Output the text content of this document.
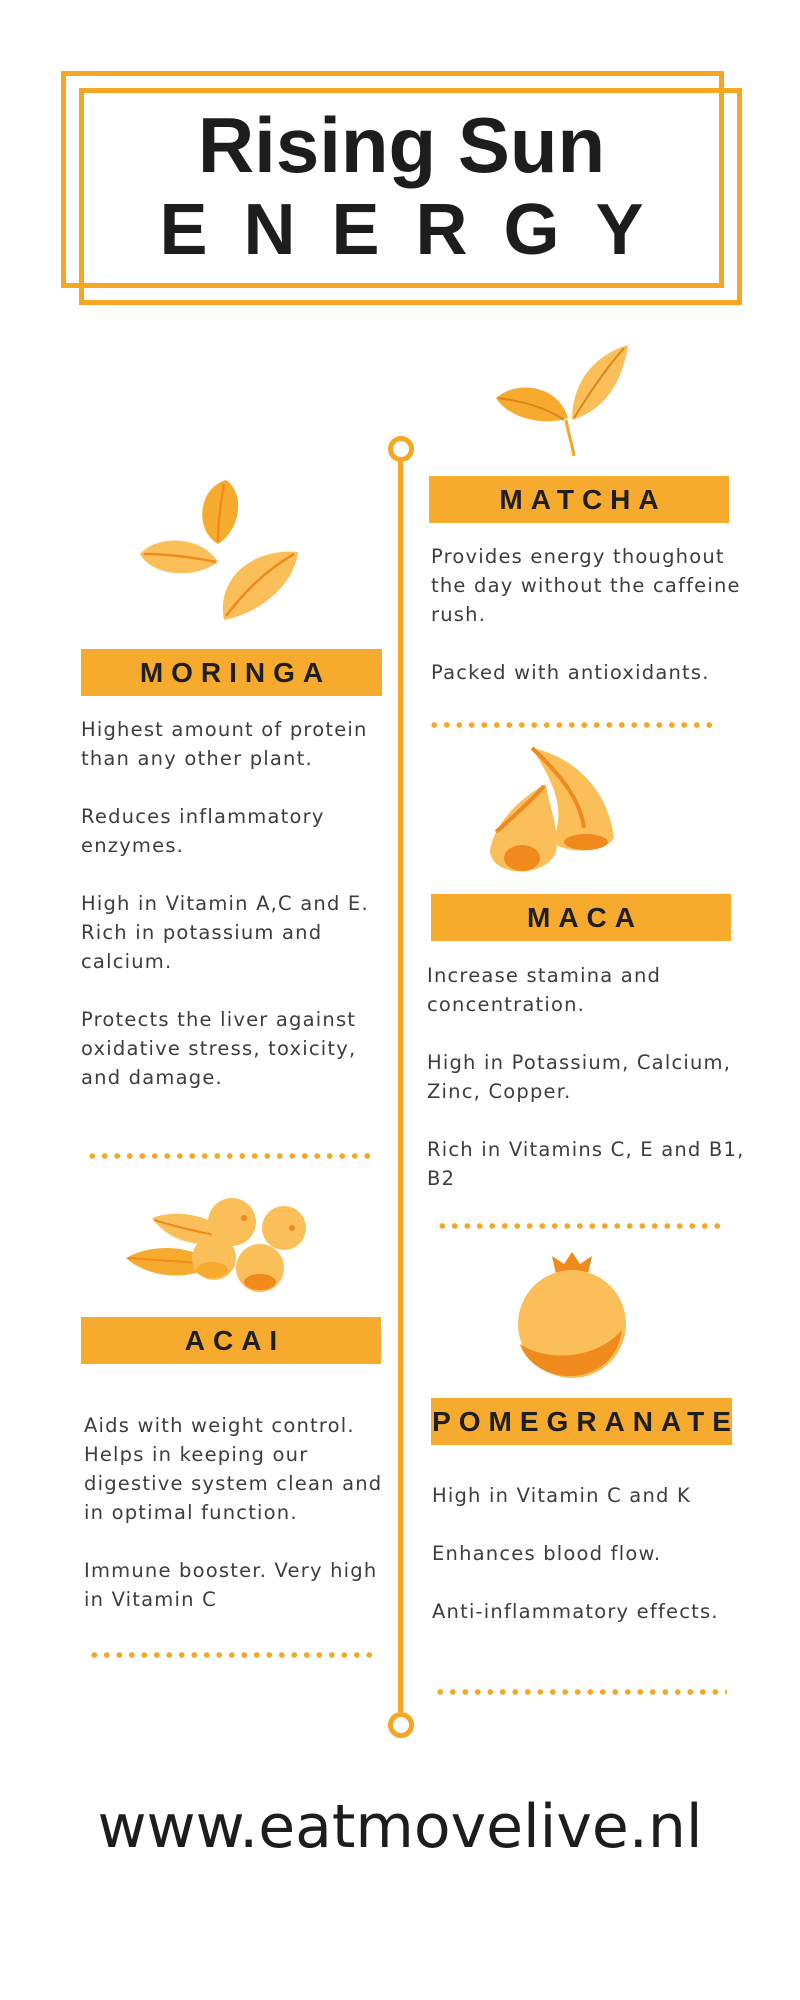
Rising Sun
ENERGY
MATCHA

Provides energy thoughout the day without the caffeine rush.

Packed with antioxidants.

MORINGA

Highest amount of protein than any other plant.

Reduces inflammatory enzymes.

High in Vitamin A,C and E. Rich in potassium and calcium.

Protects the liver against oxidative stress, toxicity, and damage.

MACA

Increase stamina and concentration.

High in Potassium, Calcium, Zinc, Copper.

Rich in Vitamins C, E and B1, B2

ACAI

Aids with weight control. Helps in keeping our digestive system clean and in optimal function.

Immune booster. Very high in Vitamin C

POMEGRANATE

High in Vitamin C and K

Enhances blood flow.

Anti-inflammatory effects.

www.eatmovelive.nl
